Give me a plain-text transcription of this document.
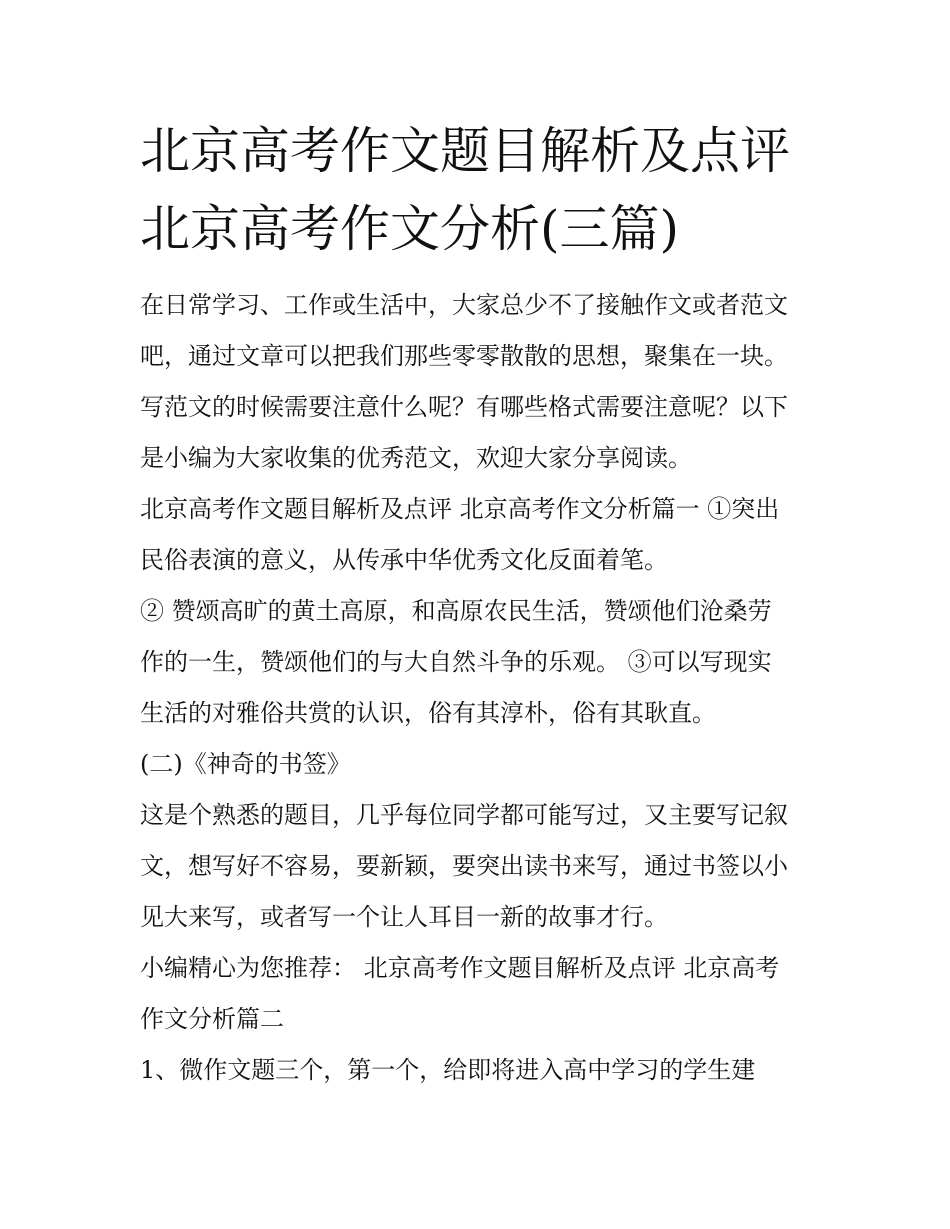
北京高考作文题目解析及点评
北京高考作文分析(三篇)

在日常学习、工作或生活中，大家总少不了接触作文或者范文
吧，通过文章可以把我们那些零零散散的思想，聚集在一块。
写范文的时候需要注意什么呢？有哪些格式需要注意呢？以下
是小编为大家收集的优秀范文，欢迎大家分享阅读。

北京高考作文题目解析及点评 北京高考作文分析篇一 ①突出
民俗表演的意义，从传承中华优秀文化反面着笔。

② 赞颂高旷的黄土高原，和高原农民生活，赞颂他们沧桑劳
作的一生，赞颂他们的与大自然斗争的乐观。 ③可以写现实
生活的对雅俗共赏的认识，俗有其淳朴，俗有其耿直。

(二)《神奇的书签》

这是个熟悉的题目，几乎每位同学都可能写过，又主要写记叙
文，想写好不容易，要新颖，要突出读书来写，通过书签以小
见大来写，或者写一个让人耳目一新的故事才行。

小编精心为您推荐： 北京高考作文题目解析及点评 北京高考
作文分析篇二

1、微作文题三个，第一个，给即将进入高中学习的学生建
